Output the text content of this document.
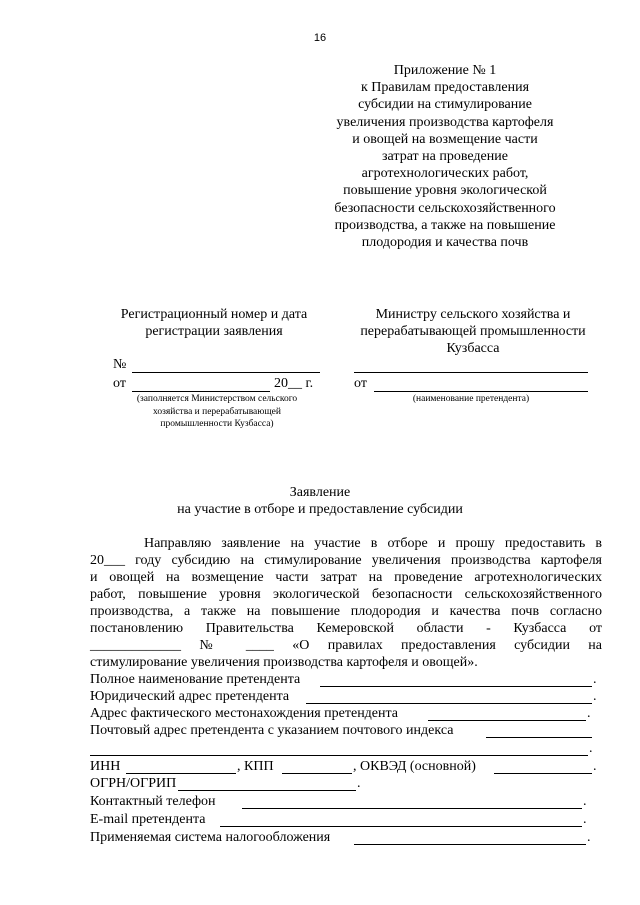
16
Приложение № 1
к Правилам предоставления
субсидии на стимулирование
увеличения производства картофеля
и овощей на возмещение части
затрат на проведение
агротехнологических работ,
повышение уровня экологической
безопасности сельскохозяйственного
производства, а также на повышение
плодородия и качества почв
Регистрационный номер и дата
регистрации заявления
№
от	20__ г.
(заполняется Министерством сельского
хозяйства и перерабатывающей
промышленности Кузбасса)
Министру сельского хозяйства и
перерабатывающей промышленности
Кузбасса
от
(наименование претендента)
Заявление
на участие в отборе и предоставление субсидии
Направляю заявление на участие в отборе и прошу предоставить в
20___ году субсидию на стимулирование увеличения производства картофеля
и овощей на возмещение части затрат на проведение агротехнологических
работ, повышение уровня экологической безопасности сельскохозяйственного
производства, а также на повышение плодородия и качества почв согласно
постановлению Правительства Кемеровской области - Кузбасса от
_____________ № ____ «О правилах предоставления субсидии на
стимулирование увеличения производства картофеля и овощей».
Полное наименование претендента	.
Юридический адрес претендента	.
Адрес фактического местонахождения претендента	.
Почтовый адрес претендента с указанием почтового индекса
.
ИНН	, КПП	, ОКВЭД (основной)	.
ОГРН/ОГРИП	.
Контактный телефон	.
E-mail претендента	.
Применяемая система налогообложения	.
